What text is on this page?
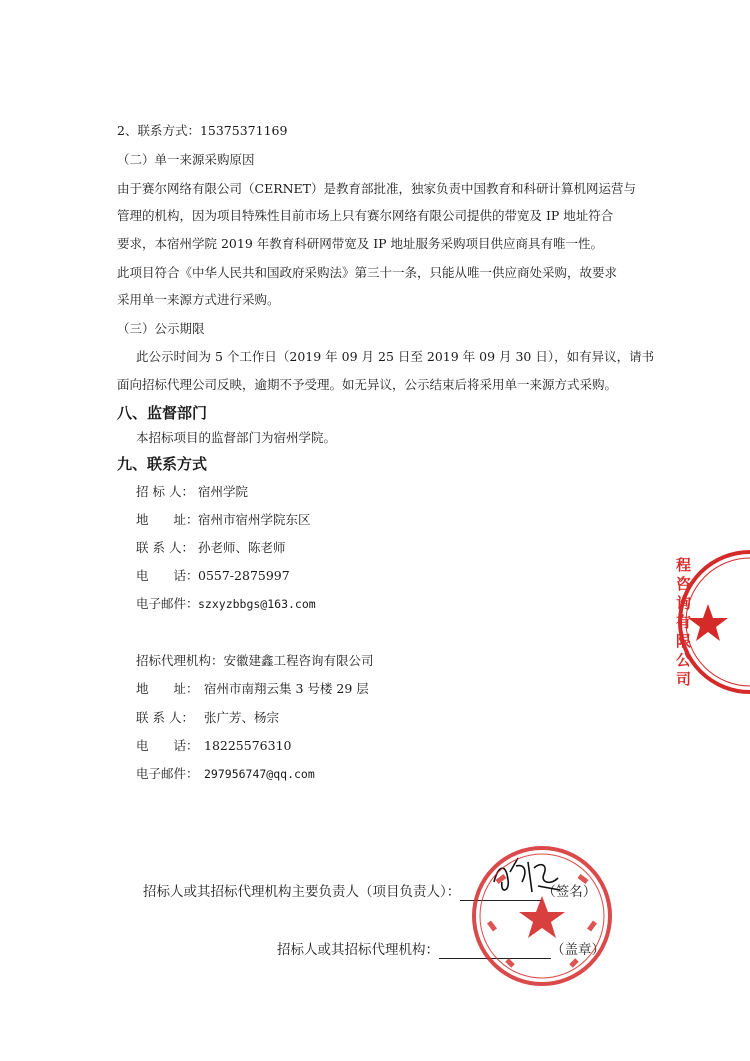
2、联系方式：15375371169
（二）单一来源采购原因
由于赛尔网络有限公司（CERNET）是教育部批准，独家负责中国教育和科研计算机网运营与
管理的机构，因为项目特殊性目前市场上只有赛尔网络有限公司提供的带宽及 IP 地址符合
要求，本宿州学院 2019 年教育科研网带宽及 IP 地址服务采购项目供应商具有唯一性。
此项目符合《中华人民共和国政府采购法》第三十一条，只能从唯一供应商处采购，故要求
采用单一来源方式进行采购。
（三）公示期限
此公示时间为 5 个工作日（2019 年 09 月 25 日至 2019 年 09 月 30 日），如有异议，请书
面向招标代理公司反映，逾期不予受理。如无异议，公示结束后将采用单一来源方式采购。
八、监督部门
本招标项目的监督部门为宿州学院。
九、联系方式
招 标 人： 宿州学院
地　　址：宿州市宿州学院东区
联 系 人： 孙老师、陈老师
电　　话：0557-2875997
电子邮件：szxyzbbgs@163.com
招标代理机构：安徽建鑫工程咨询有限公司
地　　址： 宿州市南翔云集 3 号楼 29 层
联 系 人： 张广芳、杨宗
电　　话： 18225576310
电子邮件： 297956747@qq.com
招标人或其招标代理机构主要负责人（项目负责人）：	（签名）
招标人或其招标代理机构：	（盖章）
程咨询有限公司
